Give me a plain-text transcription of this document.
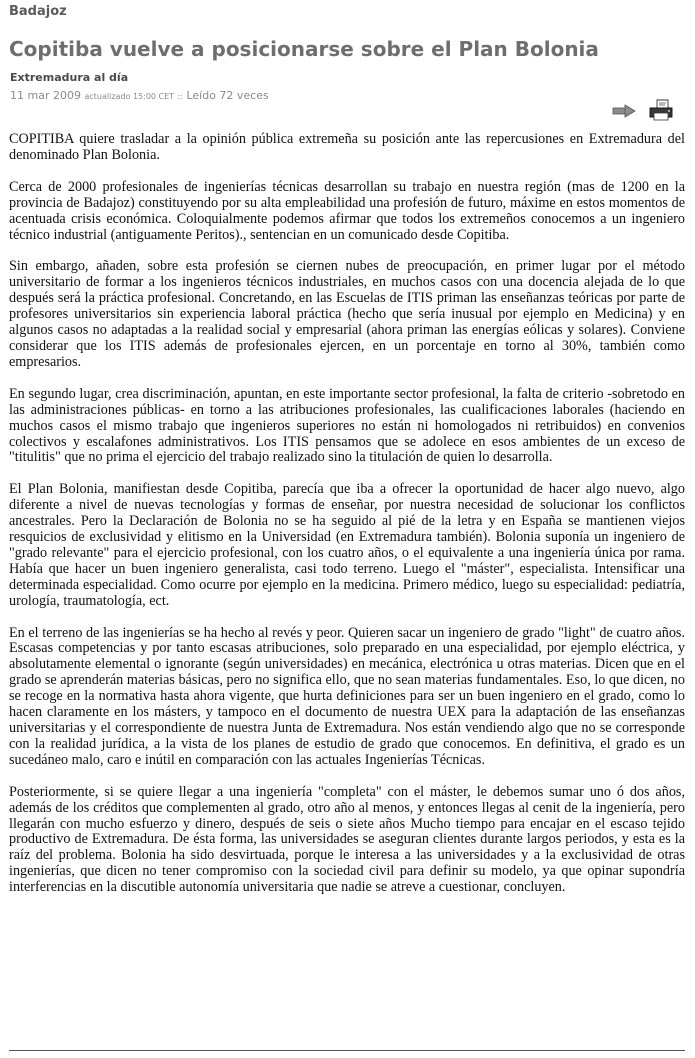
Badajoz
Copitiba vuelve a posicionarse sobre el Plan Bolonia
Extremadura al día
11 mar 2009 actualizado 15:00 CET :: Leído 72 veces

COPITIBA quiere trasladar a la opinión pública extremeña su posición ante las repercusiones en Extremadura del denominado Plan Bolonia.

Cerca de 2000 profesionales de ingenierías técnicas desarrollan su trabajo en nuestra región (mas de 1200 en la provincia de Badajoz) constituyendo por su alta empleabilidad una profesión de futuro, máxime en estos momentos de acentuada crisis económica. Coloquialmente podemos afirmar que todos los extremeños conocemos a un ingeniero técnico industrial (antiguamente Peritos)., sentencian en un comunicado desde Copitiba.

Sin embargo, añaden, sobre esta profesión se ciernen nubes de preocupación, en primer lugar por el método universitario de formar a los ingenieros técnicos industriales, en muchos casos con una docencia alejada de lo que después será la práctica profesional. Concretando, en las Escuelas de ITIS priman las enseñanzas teóricas por parte de profesores universitarios sin experiencia laboral práctica (hecho que sería inusual por ejemplo en Medicina) y en algunos casos no adaptadas a la realidad social y empresarial (ahora priman las energías eólicas y solares). Conviene considerar que los ITIS además de profesionales ejercen, en un porcentaje en torno al 30%, también como empresarios.

En segundo lugar, crea discriminación, apuntan, en este importante sector profesional, la falta de criterio -sobretodo en las administraciones públicas- en torno a las atribuciones profesionales, las cualificaciones laborales (haciendo en muchos casos el mismo trabajo que ingenieros superiores no están ni homologados ni retribuidos) en convenios colectivos y escalafones administrativos. Los ITIS pensamos que se adolece en esos ambientes de un exceso de "titulitis" que no prima el ejercicio del trabajo realizado sino la titulación de quien lo desarrolla.

El Plan Bolonia, manifiestan desde Copitiba, parecía que iba a ofrecer la oportunidad de hacer algo nuevo, algo diferente a nivel de nuevas tecnologías y formas de enseñar, por nuestra necesidad de solucionar los conflictos ancestrales. Pero la Declaración de Bolonia no se ha seguido al pié de la letra y en España se mantienen viejos resquicios de exclusividad y elitismo en la Universidad (en Extremadura también). Bolonia suponía un ingeniero de "grado relevante" para el ejercicio profesional, con los cuatro años, o el equivalente a una ingeniería única por rama. Había que hacer un buen ingeniero generalista, casi todo terreno. Luego el "máster", especialista. Intensificar una determinada especialidad. Como ocurre por ejemplo en la medicina. Primero médico, luego su especialidad: pediatría, urología, traumatología, ect.

En el terreno de las ingenierías se ha hecho al revés y peor. Quieren sacar un ingeniero de grado "light" de cuatro años. Escasas competencias y por tanto escasas atribuciones, solo preparado en una especialidad, por ejemplo eléctrica, y absolutamente elemental o ignorante (según universidades) en mecánica, electrónica u otras materias. Dicen que en el grado se aprenderán materias básicas, pero no significa ello, que no sean materias fundamentales. Eso, lo que dicen, no se recoge en la normativa hasta ahora vigente, que hurta definiciones para ser un buen ingeniero en el grado, como lo hacen claramente en los másters, y tampoco en el documento de nuestra UEX para la adaptación de las enseñanzas universitarias y el correspondiente de nuestra Junta de Extremadura. Nos están vendiendo algo que no se corresponde con la realidad jurídica, a la vista de los planes de estudio de grado que conocemos. En definitiva, el grado es un sucedáneo malo, caro e inútil en comparación con las actuales Ingenierías Técnicas.

Posteriormente, si se quiere llegar a una ingeniería "completa" con el máster, le debemos sumar uno ó dos años, además de los créditos que complementen al grado, otro año al menos, y entonces llegas al cenit de la ingeniería, pero llegarán con mucho esfuerzo y dinero, después de seis o siete años Mucho tiempo para encajar en el escaso tejido productivo de Extremadura. De ésta forma, las universidades se aseguran clientes durante largos periodos, y esta es la raíz del problema. Bolonia ha sido desvirtuada, porque le interesa a las universidades y a la exclusividad de otras ingenierías, que dicen no tener compromiso con la sociedad civil para definir su modelo, ya que opinar supondría interferencias en la discutible autonomía universitaria que nadie se atreve a cuestionar, concluyen.
